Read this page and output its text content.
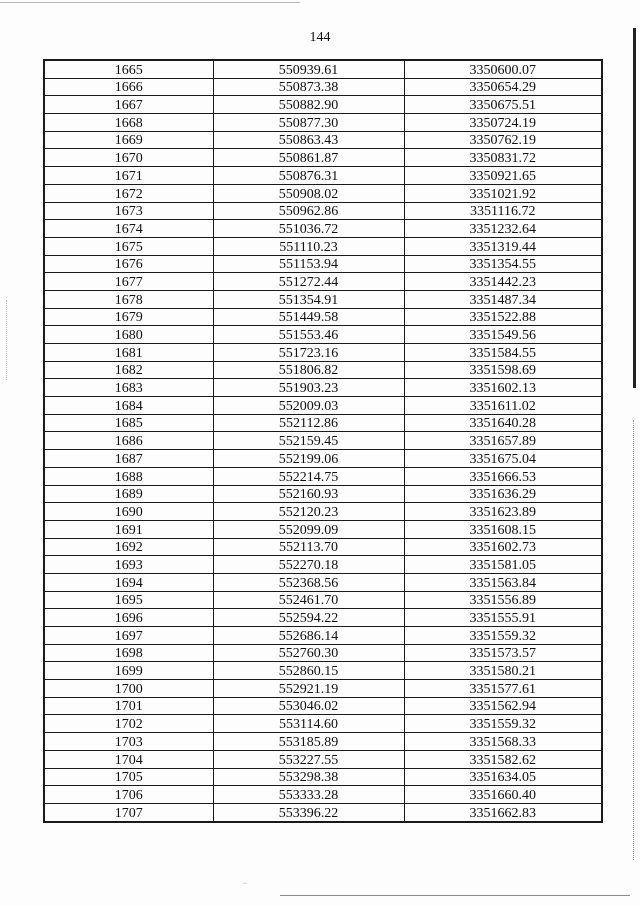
144
1665	550939.61	3350600.07
1666	550873.38	3350654.29
1667	550882.90	3350675.51
1668	550877.30	3350724.19
1669	550863.43	3350762.19
1670	550861.87	3350831.72
1671	550876.31	3350921.65
1672	550908.02	3351021.92
1673	550962.86	3351116.72
1674	551036.72	3351232.64
1675	551110.23	3351319.44
1676	551153.94	3351354.55
1677	551272.44	3351442.23
1678	551354.91	3351487.34
1679	551449.58	3351522.88
1680	551553.46	3351549.56
1681	551723.16	3351584.55
1682	551806.82	3351598.69
1683	551903.23	3351602.13
1684	552009.03	3351611.02
1685	552112.86	3351640.28
1686	552159.45	3351657.89
1687	552199.06	3351675.04
1688	552214.75	3351666.53
1689	552160.93	3351636.29
1690	552120.23	3351623.89
1691	552099.09	3351608.15
1692	552113.70	3351602.73
1693	552270.18	3351581.05
1694	552368.56	3351563.84
1695	552461.70	3351556.89
1696	552594.22	3351555.91
1697	552686.14	3351559.32
1698	552760.30	3351573.57
1699	552860.15	3351580.21
1700	552921.19	3351577.61
1701	553046.02	3351562.94
1702	553114.60	3351559.32
1703	553185.89	3351568.33
1704	553227.55	3351582.62
1705	553298.38	3351634.05
1706	553333.28	3351660.40
1707	553396.22	3351662.83
~
